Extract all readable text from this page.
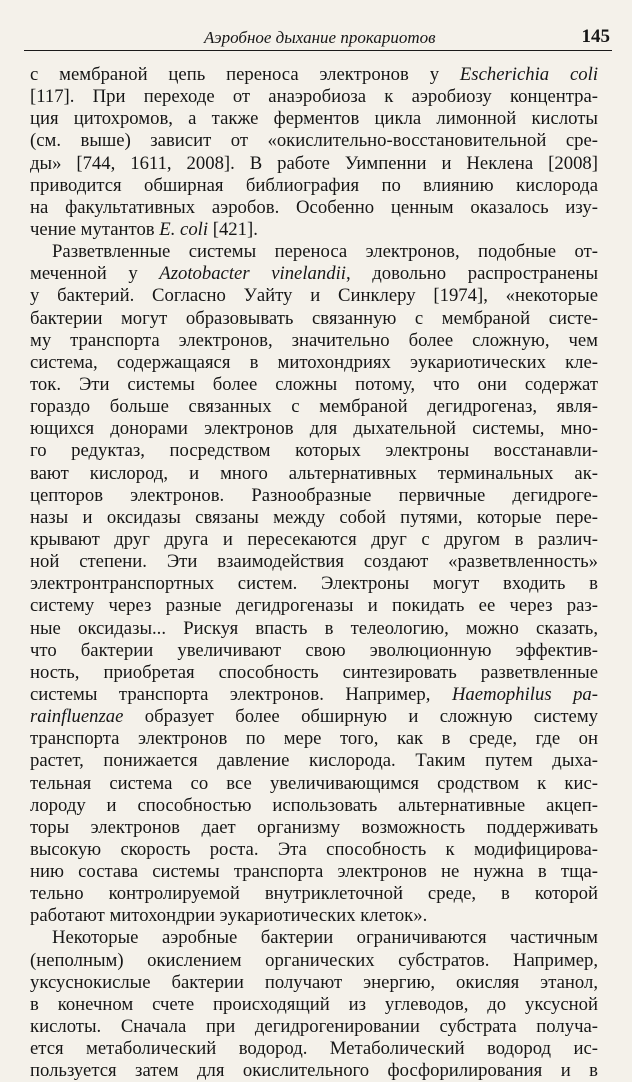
Аэробное дыхание прокариотов	145
с мембраной цепь переноса электронов у Escherichia coli
[117]. При переходе от анаэробиоза к аэробиозу концентра-
ция цитохромов, а также ферментов цикла лимонной кислоты
(см. выше) зависит от «окислительно-восстановительной сре-
ды» [744, 1611, 2008]. В работе Уимпенни и Неклена [2008]
приводится обширная библиография по влиянию кислорода
на факультативных аэробов. Особенно ценным оказалось изу-
чение мутантов E. coli [421].
Разветвленные системы переноса электронов, подобные от-
меченной у Azotobacter vinelandii, довольно распространены
у бактерий. Согласно Уайту и Синклеру [1974], «некоторые
бактерии могут образовывать связанную с мембраной систе-
му транспорта электронов, значительно более сложную, чем
система, содержащаяся в митохондриях эукариотических кле-
ток. Эти системы более сложны потому, что они содержат
гораздо больше связанных с мембраной дегидрогеназ, явля-
ющихся донорами электронов для дыхательной системы, мно-
го редуктаз, посредством которых электроны восстанавли-
вают кислород, и много альтернативных терминальных ак-
цепторов электронов. Разнообразные первичные дегидроге-
назы и оксидазы связаны между собой путями, которые пере-
крывают друг друга и пересекаются друг с другом в различ-
ной степени. Эти взаимодействия создают «разветвленность»
электронтранспортных систем. Электроны могут входить в
систему через разные дегидрогеназы и покидать ее через раз-
ные оксидазы... Рискуя впасть в телеологию, можно сказать,
что бактерии увеличивают свою эволюционную эффектив-
ность, приобретая способность синтезировать разветвленные
системы транспорта электронов. Например, Haemophilus pa-
rainfluenzae образует более обширную и сложную систему
транспорта электронов по мере того, как в среде, где он
растет, понижается давление кислорода. Таким путем дыха-
тельная система со все увеличивающимся сродством к кис-
лороду и способностью использовать альтернативные акцеп-
торы электронов дает организму возможность поддерживать
высокую скорость роста. Эта способность к модифицирова-
нию состава системы транспорта электронов не нужна в тща-
тельно контролируемой внутриклеточной среде, в которой
работают митохондрии эукариотических клеток».
Некоторые аэробные бактерии ограничиваются частичным
(неполным) окислением органических субстратов. Например,
уксуснокислые бактерии получают энергию, окисляя этанол,
в конечном счете происходящий из углеводов, до уксусной
кислоты. Сначала при дегидрогенировании субстрата получа-
ется метаболический водород. Метаболический водород ис-
пользуется затем для окислительного фосфорилирования и в
